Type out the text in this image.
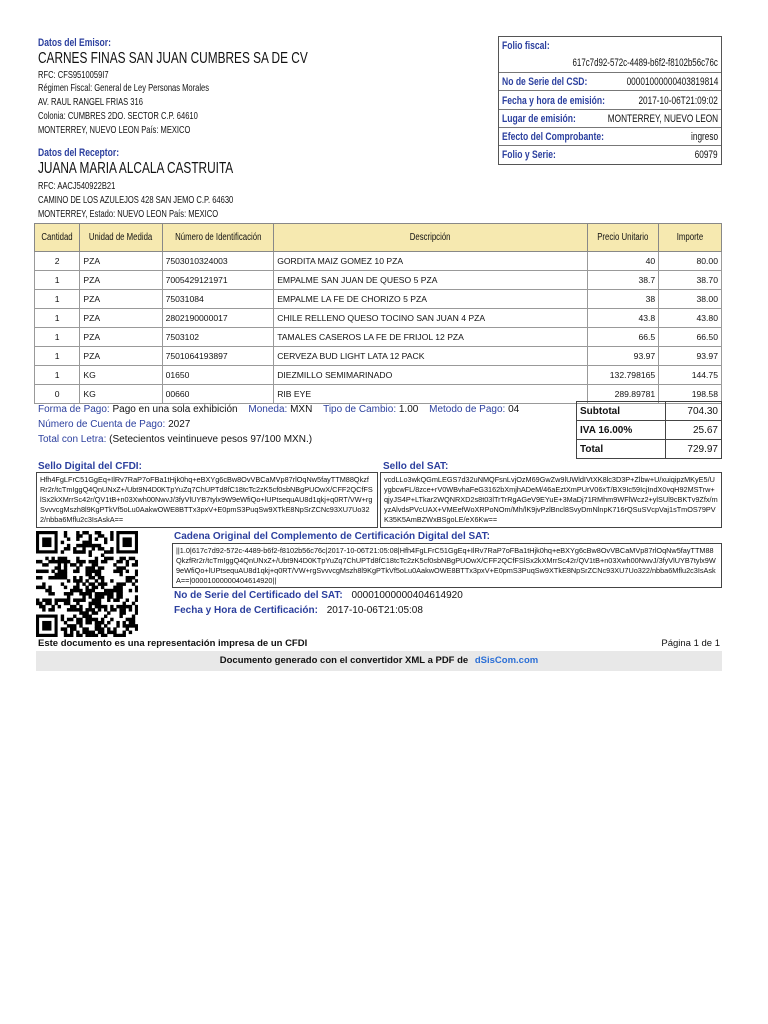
Datos del Emisor:
CARNES FINAS SAN JUAN CUMBRES SA DE CV
RFC: CFS9510059I7
Régimen Fiscal: General de Ley Personas Morales
AV. RAUL RANGEL FRIAS 316
Colonia: CUMBRES 2DO. SECTOR C.P. 64610
MONTERREY, NUEVO LEON País: MEXICO
Folio fiscal:
617c7d92-572c-4489-b6f2-f8102b56c76c
No de Serie del CSD:	00001000000403819814
Fecha y hora de emisión:	2017-10-06T21:09:02
Lugar de emisión:	MONTERREY, NUEVO LEON
Efecto del Comprobante:	ingreso
Folio y Serie:	60979
Datos del Receptor:
JUANA MARIA ALCALA CASTRUITA
RFC: AACJ540922B21
CAMINO DE LOS AZULEJOS 428 SAN JEMO C.P. 64630
MONTERREY, Estado: NUEVO LEON País: MEXICO
Cantidad	Unidad de Medida	Número de Identificación	Descripción	Precio Unitario	Importe
2	PZA	7503010324003	GORDITA MAIZ GOMEZ 10 PZA	40	80.00
1	PZA	7005429121971	EMPALME SAN JUAN DE QUESO 5 PZA	38.7	38.70
1	PZA	75031084	EMPALME LA FE DE CHORIZO 5 PZA	38	38.00
1	PZA	2802190000017	CHILE RELLENO QUESO TOCINO SAN JUAN 4 PZA	43.8	43.80
1	PZA	7503102	TAMALES CASEROS LA FE DE FRIJOL 12 PZA	66.5	66.50
1	PZA	7501064193897	CERVEZA BUD LIGHT LATA 12 PACK	93.97	93.97
1	KG	01650	DIEZMILLO SEMIMARINADO	132.798165	144.75
0	KG	00660	RIB EYE	289.89781	198.58
Forma de Pago: Pago en una sola exhibición Moneda: MXN Tipo de Cambio: 1.00 Metodo de Pago: 04
Número de Cuenta de Pago: 2027
Total con Letra: (Setecientos veintinueve pesos 97/100 MXN.)
Subtotal	704.30
IVA 16.00%	25.67
Total	729.97
Sello Digital del CFDI:
Hfh4FgLFrC51GgEq+IlRv7RaP7oFBa1tHjk0hq+eBXYg6cBw8OvVBCaMVp87rlOqNw5fayTTM88QkzfRr2r/tcTmIggQ4QnUNxZ+/Ubt9N4D0KTpYuZq7ChUPTd8fC18tcTc2zK5cf0sbNBgPUOwX/CFF2QCfFSlSx2kXMrrSc42r/QV1tB+n03Xwh00NwvJ/3fyVlUYB7tylx9W9eWfiQo+lUPtsequAU8d1qkj+q0RT/VW+rgSvvvcgMszh8l9KgPTkVf5oLu0AakwOWE8BTTx3pxV+E0pmS3PuqSw9XTkE8NpSrZCNc93XU7Uo322/nbba6Mflu2c3IsAskA==
Sello del SAT:
vcdLLo3wkQGmLEGS7d32uNMQFsnLvjOzM69GwZw9lUWldIVtXK8lc3D3P+Zlbw+U/xuiqipzMKyE5/UygbcwFL/8zce+rV0WBvhaFeG3162bXmjhADeM/46aEztXmPUrV06xT/BX9Ic59IcjIndX0vqH92MSTrw+qjyJS4P+LTkar2WQNRXD2s8t03lTrTrRgAGeV9EYuE+3MaDj71RMhm9WFlWcz2+ylSUl9cBKTv9Zfx/myzAlvdsPVcUAX+VMEefWoXRPoNOm/Mh/lK9jvPzlBncl8SvyDmNlnpK716rQSuSVcpVaj1sTmOS79PVK35K5AmBZWxBSgoLE/eX6Kw==
Cadena Original del Complemento de Certificación Digital del SAT:
||1.0|617c7d92-572c-4489-b6f2-f8102b56c76c|2017-10-06T21:05:08|Hfh4FgLFrC51GgEq+IlRv7RaP7oFBa1tHjk0hq+eBXYg6cBw8OvVBCaMVp87rlOqNw5fayTTM88QkzfRr2r/tcTmIggQ4QnUNxZ+/Ubt9N4D0KTpYuZq7ChUPTd8fC18tcTc2zK5cf0sbNBgPUOwX/CFF2QCfFSlSx2kXMrrSc42r/QV1tB+n03Xwh00NwvJ/3fyVlUYB7tylx9W9eWfiQo+lUPtsequAU8d1qkj+q0RT/VW+rgSvvvcgMszh8l9KgPTkVf5oLu0AakwOWE8BTTx3pxV+E0pmS3PuqSw9XTkE8NpSrZCNc93XU7Uo322/nbba6Mflu2c3IsAskA==|00001000000404614920||
No de Serie del Certificado del SAT: 00001000000404614920
Fecha y Hora de Certificación: 2017-10-06T21:05:08
Este documento es una representación impresa de un CFDI	Página 1 de 1
Documento generado con el convertidor XML a PDF de dSisCom.com
